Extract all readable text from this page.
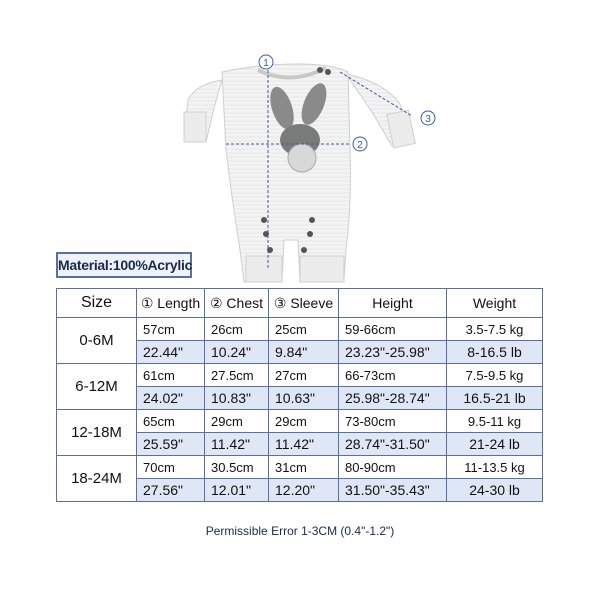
1
2
3
Material:100%Acrylic
Size	① Length	② Chest	③ Sleeve	Height	Weight
0-6M	57cm	26cm	25cm	59-66cm	3.5-7.5 kg
	22.44"	10.24"	9.84"	23.23"-25.98"	8-16.5 lb
6-12M	61cm	27.5cm	27cm	66-73cm	7.5-9.5 kg
	24.02"	10.83"	10.63"	25.98"-28.74"	16.5-21 lb
12-18M	65cm	29cm	29cm	73-80cm	9.5-11 kg
	25.59"	11.42"	11.42"	28.74"-31.50"	21-24 lb
18-24M	70cm	30.5cm	31cm	80-90cm	11-13.5 kg
	27.56"	12.01"	12.20"	31.50"-35.43"	24-30 lb
Permissible Error 1-3CM (0.4"-1.2")
